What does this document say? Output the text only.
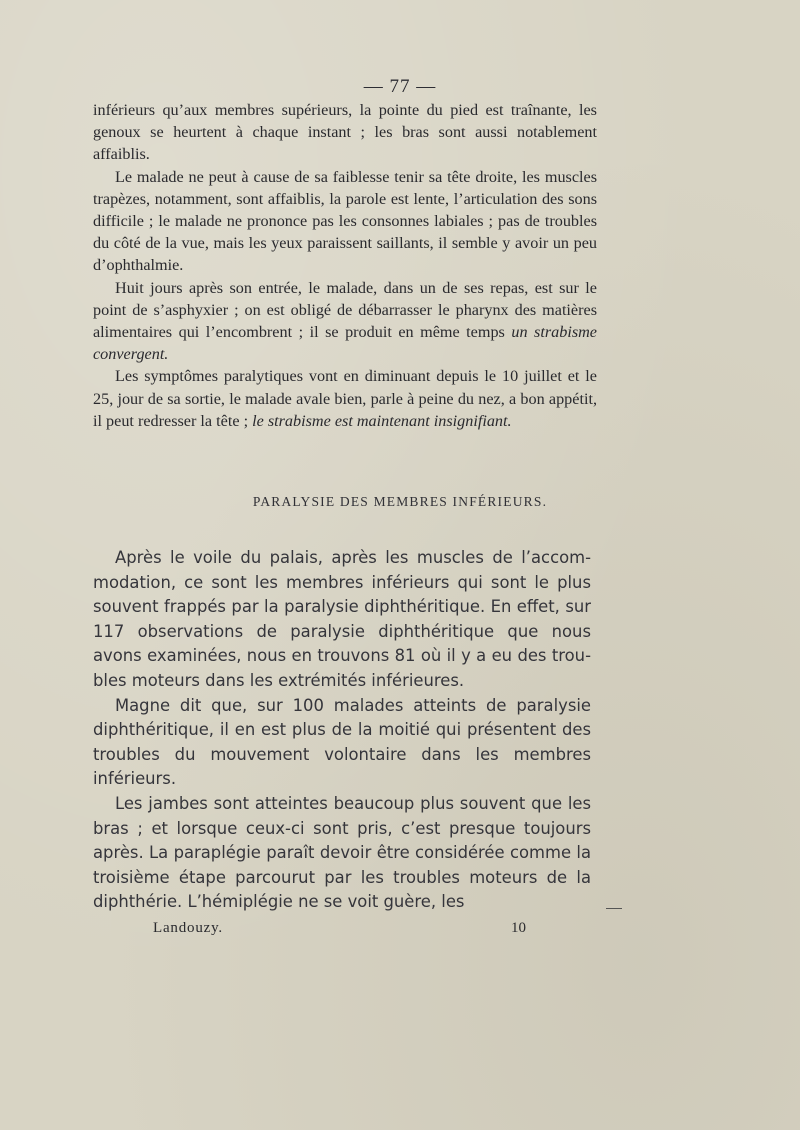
— 77 —

inférieurs qu’aux membres supérieurs, la pointe du pied est traînante, les genoux se heurtent à chaque instant ; les bras sont aussi notablement affaiblis.

Le malade ne peut à cause de sa faiblesse tenir sa tête droite, les muscles trapèzes, notamment, sont affaiblis, la parole est lente, l’articulation des sons difficile ; le malade ne prononce pas les consonnes labiales ; pas de troubles du côté de la vue, mais les yeux paraissent saillants, il semble y avoir un peu d’ophthalmie.

Huit jours après son entrée, le malade, dans un de ses repas, est sur le point de s’asphyxier ; on est obligé de débarrasser le pharynx des matières alimentaires qui l’encombrent ; il se produit en même temps un strabisme convergent.

Les symptômes paralytiques vont en diminuant depuis le 10 juillet et le 25, jour de sa sortie, le malade avale bien, parle à peine du nez, a bon appétit, il peut redresser la tête ; le strabisme est maintenant insignifiant.

PARALYSIE DES MEMBRES INFÉRIEURS.

Après le voile du palais, après les muscles de l’accommodation, ce sont les membres inférieurs qui sont le plus souvent frappés par la paralysie diphthéritique. En effet, sur 117 observations de paralysie diphthéritique que nous avons examinées, nous en trouvons 81 où il y a eu des troubles moteurs dans les extrémités inférieures.

Magne dit que, sur 100 malades atteints de paralysie diphthéritique, il en est plus de la moitié qui présentent des troubles du mouvement volontaire dans les membres inférieurs.

Les jambes sont atteintes beaucoup plus souvent que les bras ; et lorsque ceux-ci sont pris, c’est presque toujours après. La paraplégie paraît devoir être considérée comme la troisième étape parcourut par les troubles moteurs de la diphthérie. L’hémiplégie ne se voit guère, les

Landouzy.	10
